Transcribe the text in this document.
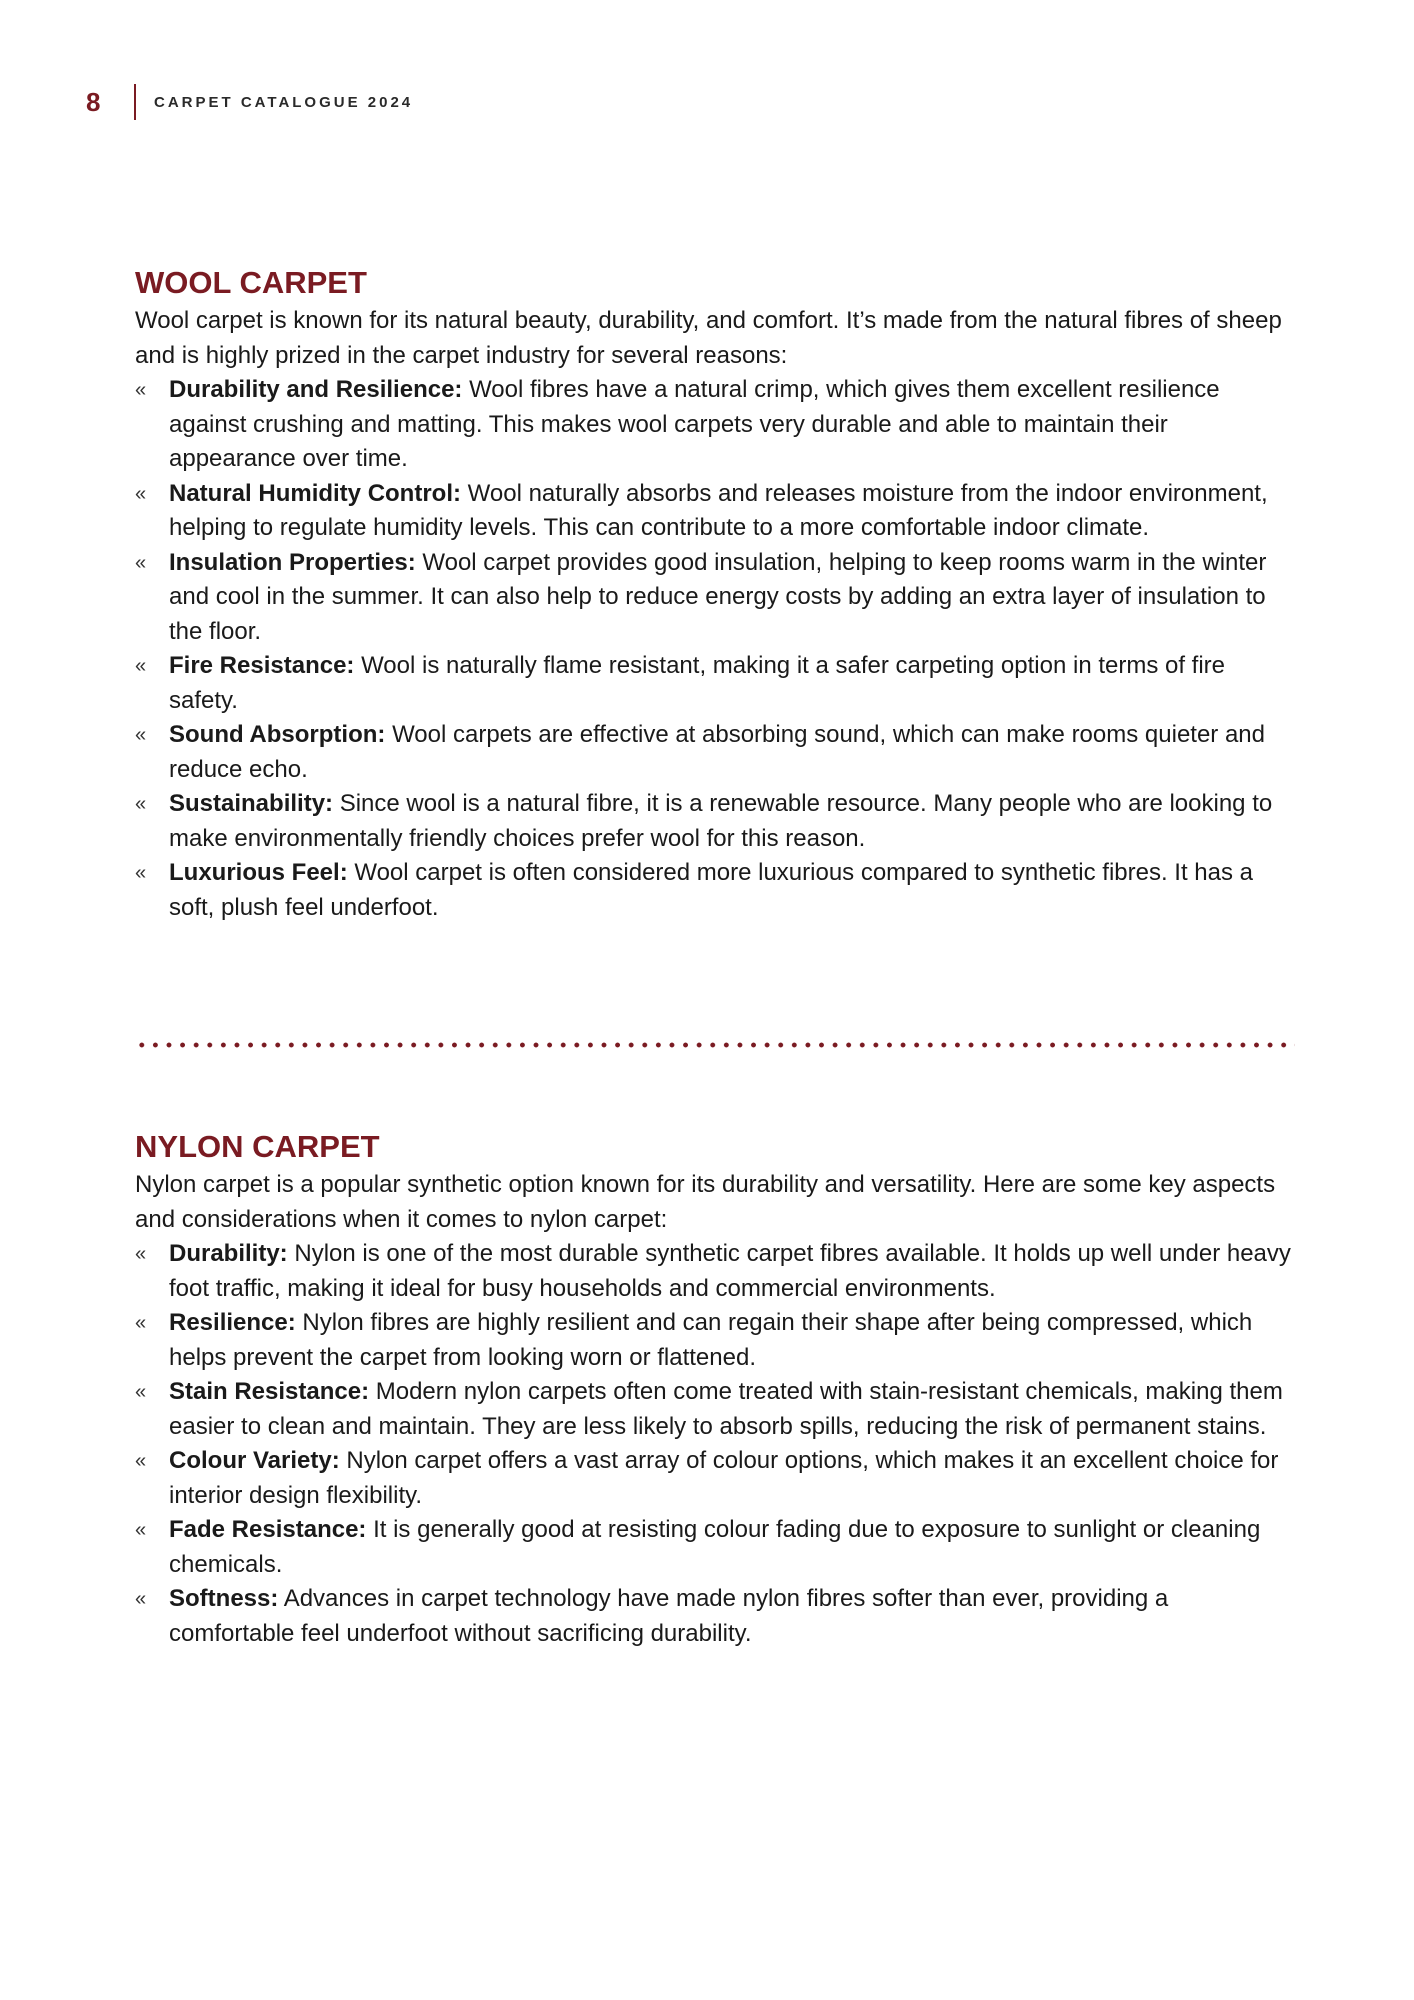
8	CARPET CATALOGUE 2024
WOOL CARPET

Wool carpet is known for its natural beauty, durability, and comfort. It’s made from the natural fibres of sheep and is highly prized in the carpet industry for several reasons:

« Durability and Resilience: Wool fibres have a natural crimp, which gives them excellent resilience against crushing and matting. This makes wool carpets very durable and able to maintain their appearance over time.
« Natural Humidity Control: Wool naturally absorbs and releases moisture from the indoor environment, helping to regulate humidity levels. This can contribute to a more comfortable indoor climate.
« Insulation Properties: Wool carpet provides good insulation, helping to keep rooms warm in the winter and cool in the summer. It can also help to reduce energy costs by adding an extra layer of insulation to the floor.
« Fire Resistance: Wool is naturally flame resistant, making it a safer carpeting option in terms of fire safety.
« Sound Absorption: Wool carpets are effective at absorbing sound, which can make rooms quieter and reduce echo.
« Sustainability: Since wool is a natural fibre, it is a renewable resource. Many people who are looking to make environmentally friendly choices prefer wool for this reason.
« Luxurious Feel: Wool carpet is often considered more luxurious compared to synthetic fibres. It has a soft, plush feel underfoot.
NYLON CARPET

Nylon carpet is a popular synthetic option known for its durability and versatility. Here are some key aspects and considerations when it comes to nylon carpet:

« Durability: Nylon is one of the most durable synthetic carpet fibres available. It holds up well under heavy foot traffic, making it ideal for busy households and commercial environments.
« Resilience: Nylon fibres are highly resilient and can regain their shape after being compressed, which helps prevent the carpet from looking worn or flattened.
« Stain Resistance: Modern nylon carpets often come treated with stain-resistant chemicals, making them easier to clean and maintain. They are less likely to absorb spills, reducing the risk of permanent stains.
« Colour Variety: Nylon carpet offers a vast array of colour options, which makes it an excellent choice for interior design flexibility.
« Fade Resistance: It is generally good at resisting colour fading due to exposure to sunlight or cleaning chemicals.
« Softness: Advances in carpet technology have made nylon fibres softer than ever, providing a comfortable feel underfoot without sacrificing durability.
